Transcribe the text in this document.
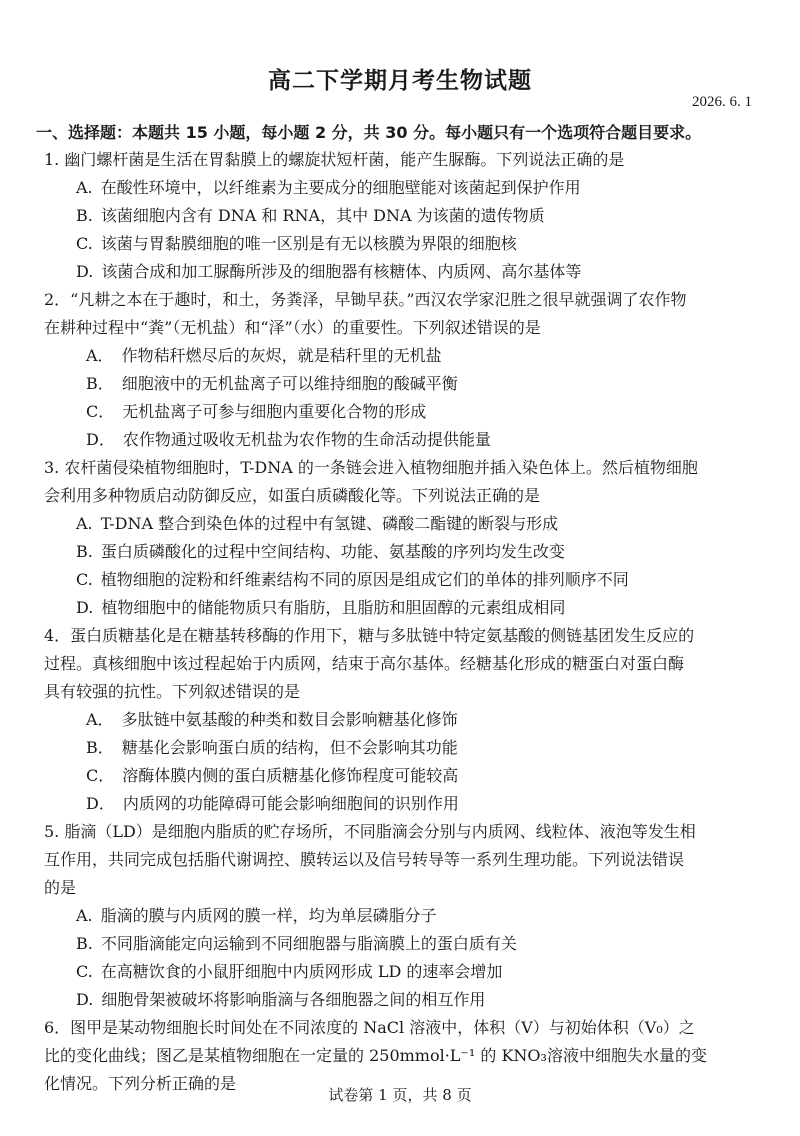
高二下学期月考生物试题
2026. 6. 1
一、选择题：本题共 15 小题，每小题 2 分，共 30 分。每小题只有一个选项符合题目要求。
1. 幽门螺杆菌是生活在胃黏膜上的螺旋状短杆菌，能产生脲酶。下列说法正确的是
A. 在酸性环境中，以纤维素为主要成分的细胞壁能对该菌起到保护作用
B. 该菌细胞内含有 DNA 和 RNA，其中 DNA 为该菌的遗传物质
C. 该菌与胃黏膜细胞的唯一区别是有无以核膜为界限的细胞核
D. 该菌合成和加工脲酶所涉及的细胞器有核糖体、内质网、高尔基体等
2．“凡耕之本在于趣时，和土，务粪泽，早锄早获。”西汉农学家氾胜之很早就强调了农作物
在耕种过程中“粪”（无机盐）和“泽”（水）的重要性。下列叙述错误的是
A． 作物秸秆燃尽后的灰烬，就是秸秆里的无机盐
B． 细胞液中的无机盐离子可以维持细胞的酸碱平衡
C． 无机盐离子可参与细胞内重要化合物的形成
D． 农作物通过吸收无机盐为农作物的生命活动提供能量
3. 农杆菌侵染植物细胞时，T-DNA 的一条链会进入植物细胞并插入染色体上。然后植物细胞
会利用多种物质启动防御反应，如蛋白质磷酸化等。下列说法正确的是
A. T-DNA 整合到染色体的过程中有氢键、磷酸二酯键的断裂与形成
B. 蛋白质磷酸化的过程中空间结构、功能、氨基酸的序列均发生改变
C. 植物细胞的淀粉和纤维素结构不同的原因是组成它们的单体的排列顺序不同
D. 植物细胞中的储能物质只有脂肪，且脂肪和胆固醇的元素组成相同
4．蛋白质糖基化是在糖基转移酶的作用下，糖与多肽链中特定氨基酸的侧链基团发生反应的
过程。真核细胞中该过程起始于内质网，结束于高尔基体。经糖基化形成的糖蛋白对蛋白酶
具有较强的抗性。下列叙述错误的是
A． 多肽链中氨基酸的种类和数目会影响糖基化修饰
B． 糖基化会影响蛋白质的结构，但不会影响其功能
C． 溶酶体膜内侧的蛋白质糖基化修饰程度可能较高
D． 内质网的功能障碍可能会影响细胞间的识别作用
5. 脂滴（LD）是细胞内脂质的贮存场所，不同脂滴会分别与内质网、线粒体、液泡等发生相
互作用，共同完成包括脂代谢调控、膜转运以及信号转导等一系列生理功能。下列说法错误
的是
A. 脂滴的膜与内质网的膜一样，均为单层磷脂分子
B. 不同脂滴能定向运输到不同细胞器与脂滴膜上的蛋白质有关
C. 在高糖饮食的小鼠肝细胞中内质网形成 LD 的速率会增加
D. 细胞骨架被破坏将影响脂滴与各细胞器之间的相互作用
6．图甲是某动物细胞长时间处在不同浓度的 NaCl 溶液中，体积（V）与初始体积（V₀）之
比的变化曲线；图乙是某植物细胞在一定量的 250mmol·L⁻¹ 的 KNO₃溶液中细胞失水量的变
化情况。下列分析正确的是
试卷第 1 页，共 8 页
